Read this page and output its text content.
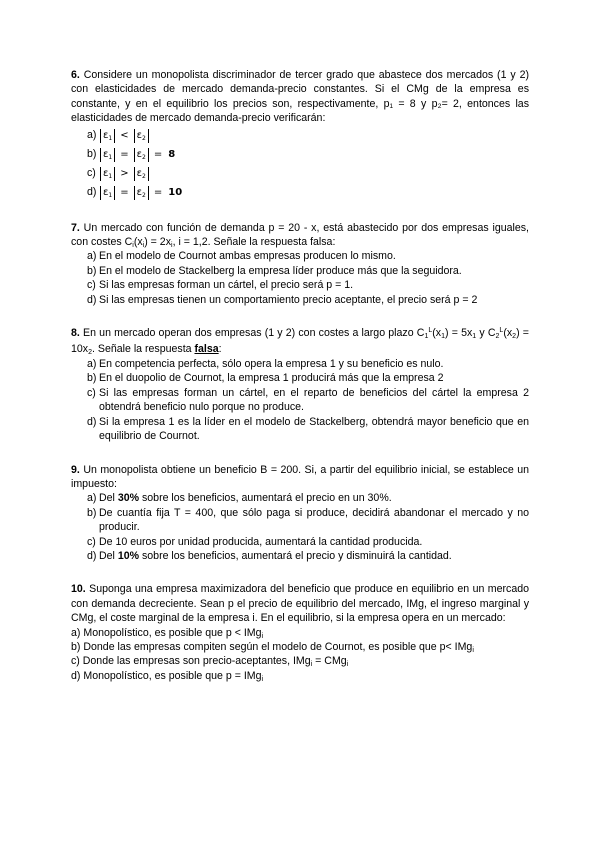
6. Considere un monopolista discriminador de tercer grado que abastece dos mercados (1 y 2) con elasticidades de mercado demanda-precio constantes. Si el CMg de la empresa es constante, y en el equilibrio los precios son, respectivamente, p₁ = 8 y p₂= 2, entonces las elasticidades de mercado demanda-precio verificarán:

a) $\varepsilon_1 < \varepsilon_2$
b) $\varepsilon_1 = \varepsilon_2 = 8$
c) $\varepsilon_1 > \varepsilon_2$
d) $\varepsilon_1 = \varepsilon_2 = 10$

7. Un mercado con función de demanda p = 20 - x, está abastecido por dos empresas iguales, con costes $C_i(x_i) = 2x_i$, i = 1,2. Señale la respuesta falsa:

a) En el modelo de Cournot ambas empresas producen lo mismo.
b) En el modelo de Stackelberg la empresa líder produce más que la seguidora.
c) Si las empresas forman un cártel, el precio será p = 1.
d) Si las empresas tienen un comportamiento precio aceptante, el precio será p = 2

8. En un mercado operan dos empresas (1 y 2) con costes a largo plazo $C_1^L(x_1) = 5x_1$ y $C_2^L(x_2) = 10x_2$. Señale la respuesta falsa:

a) En competencia perfecta, sólo opera la empresa 1 y su beneficio es nulo.
b) En el duopolio de Cournot, la empresa 1 producirá más que la empresa 2
c) Si las empresas forman un cártel, en el reparto de beneficios del cártel la empresa 2 obtendrá beneficio nulo porque no produce.
d) Si la empresa 1 es la líder en el modelo de Stackelberg, obtendrá mayor beneficio que en equilibrio de Cournot.

9. Un monopolista obtiene un beneficio B = 200. Si, a partir del equilibrio inicial, se establece un impuesto:

a) Del 30% sobre los beneficios, aumentará el precio en un 30%.
b) De cuantía fija T = 400, que sólo paga si produce, decidirá abandonar el mercado y no producir.
c) De 10 euros por unidad producida, aumentará la cantidad producida.
d) Del 10% sobre los beneficios, aumentará el precio y disminuirá la cantidad.

10. Suponga una empresa maximizadora del beneficio que produce en equilibrio en un mercado con demanda decreciente. Sean p el precio de equilibrio del mercado, IMg, el ingreso marginal y CMg, el coste marginal de la empresa i. En el equilibrio, si la empresa opera en un mercado:

a) Monopolístico, es posible que p < IMg$_i$
b) Donde las empresas compiten según el modelo de Cournot, es posible que p< IMg$_i$
c) Donde las empresas son precio-aceptantes, IMg$_i$ = CMg$_i$
d) Monopolístico, es posible que p = IMg$_i$
